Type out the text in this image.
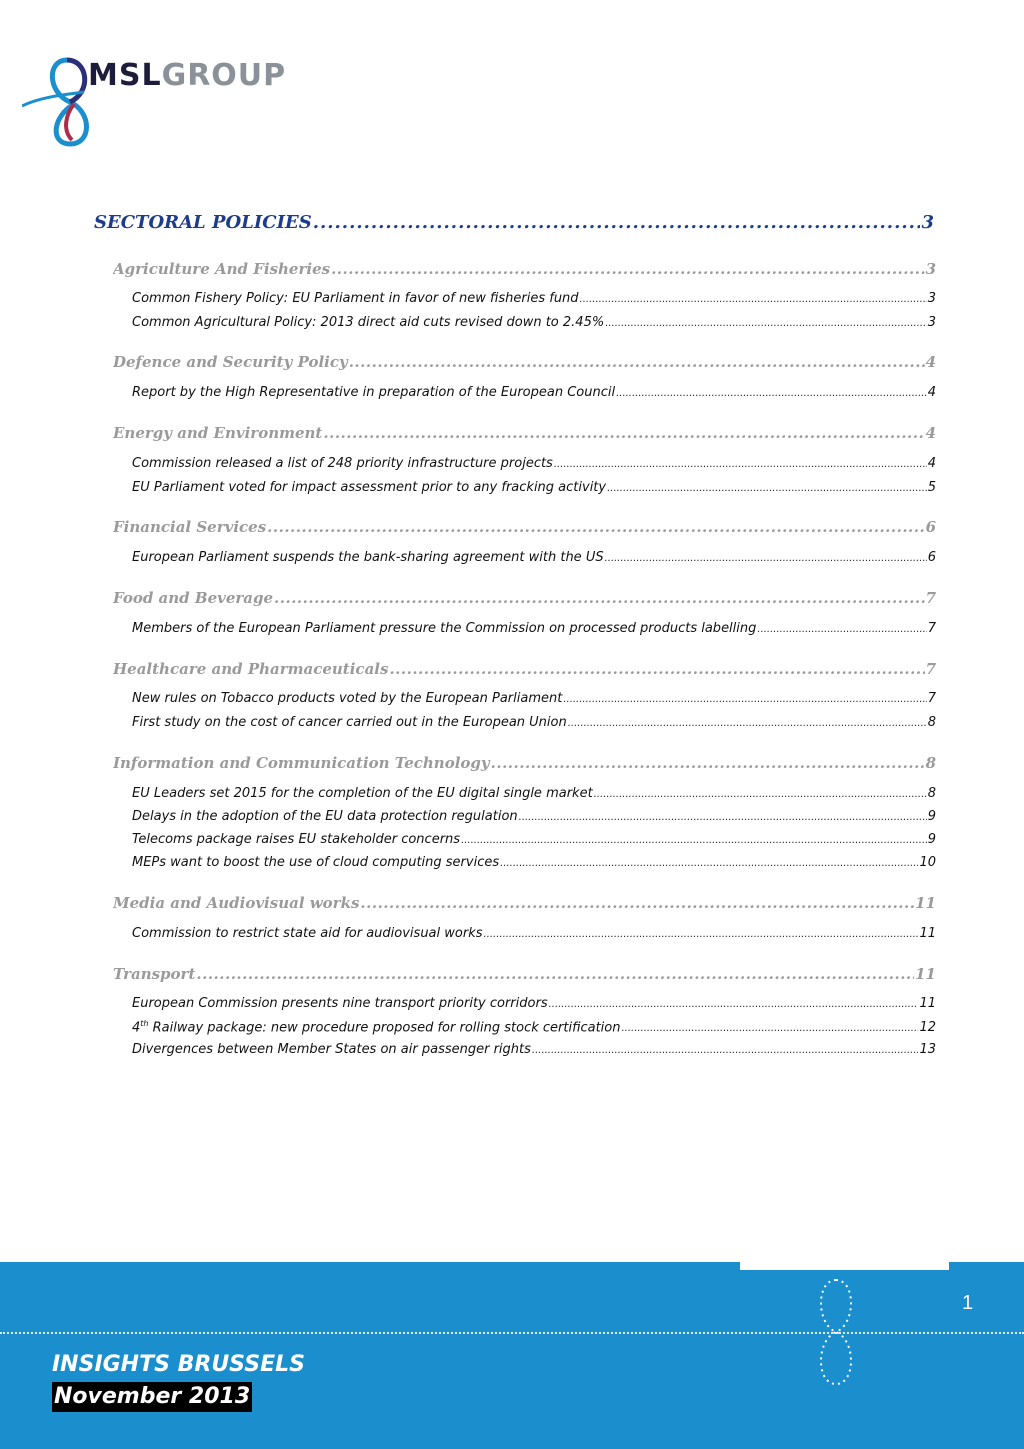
MSLGROUP
SECTORAL POLICIES .....	3
Agriculture And Fisheries .....	3
Common Fishery Policy: EU Parliament in favor of new fisheries fund .....	3
Common Agricultural Policy: 2013 direct aid cuts revised down to 2.45% .....	3
Defence and Security Policy .....	4
Report by the High Representative in preparation of the European Council .....	4
Energy and Environment .....	4
Commission released a list of 248 priority infrastructure projects .....	4
EU Parliament voted for impact assessment prior to any fracking activity .....	5
Financial Services .....	6
European Parliament suspends the bank-sharing agreement with the US .....	6
Food and Beverage .....	7
Members of the European Parliament pressure the Commission on processed products labelling .....	7
Healthcare and Pharmaceuticals .....	7
New rules on Tobacco products voted by the European Parliament .....	7
First study on the cost of cancer carried out in the European Union .....	8
Information and Communication Technology .....	8
EU Leaders set 2015 for the completion of the EU digital single market .....	8
Delays in the adoption of the EU data protection regulation .....	9
Telecoms package raises EU stakeholder concerns .....	9
MEPs want to boost the use of cloud computing services .....	10
Media and Audiovisual works .....	11
Commission to restrict state aid for audiovisual works .....	11
Transport .....	11
European Commission presents nine transport priority corridors .....	11
4th Railway package: new procedure proposed for rolling stock certification .....	12
Divergences between Member States on air passenger rights .....	13
1
INSIGHTS BRUSSELS
November 2013
